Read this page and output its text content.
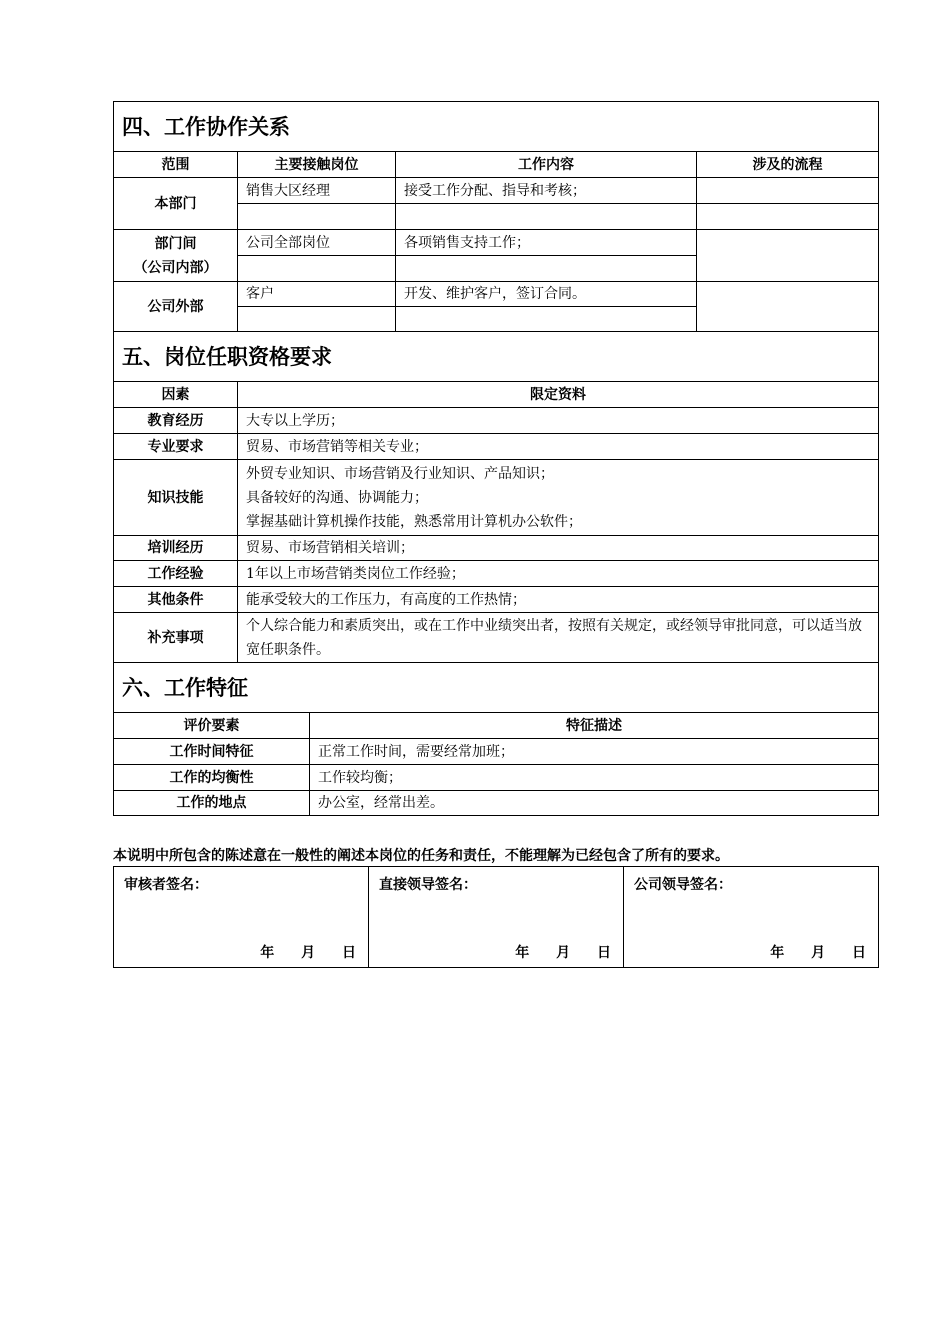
四、工作协作关系			
范围	主要接触岗位	工作内容	涉及的流程
本部门	销售大区经理	接受工作分配、指导和考核；	

部门间
（公司内部）	公司全部岗位	各项销售支持工作；	

公司外部	客户	开发、维护客户，签订合同。	

五、岗位任职资格要求			
因素	限定资料		
教育经历	大专以上学历；		
专业要求	贸易、市场营销等相关专业；		
知识技能	外贸专业知识、市场营销及行业知识、产品知识；
具备较好的沟通、协调能力；
掌握基础计算机操作技能，熟悉常用计算机办公软件；		

培训经历	贸易、市场营销相关培训；		
工作经验	1年以上市场营销类岗位工作经验；		
其他条件	能承受较大的工作压力，有高度的工作热情；		
补充事项	个人综合能力和素质突出，或在工作中业绩突出者，按照有关规定，或经领导审批同意，可以适当放宽任职条件。		
六、工作特征	
评价要素	特征描述
工作时间特征	正常工作时间，需要经常加班；
工作的均衡性	工作较均衡；
工作的地点	办公室，经常出差。
本说明中所包含的陈述意在一般性的阐述本岗位的任务和责任，不能理解为已经包含了所有的要求。
审核者签名：
年 月 日

直接领导签名：
年 月 日

公司领导签名：
年 月 日
